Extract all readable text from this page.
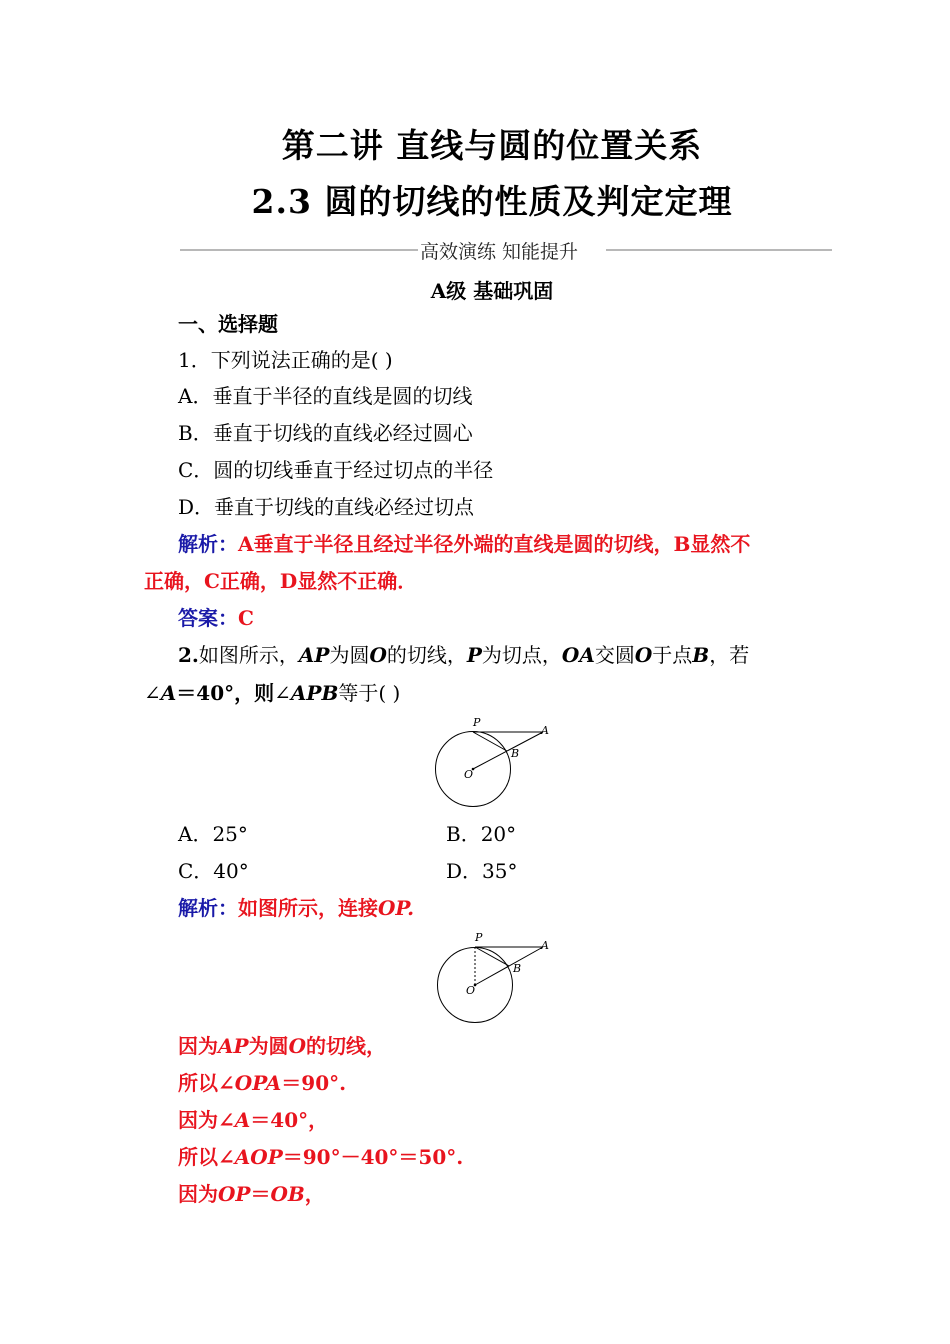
第二讲 直线与圆的位置关系
2.3 圆的切线的性质及判定定理
高效演练 知能提升
A级 基础巩固
一、选择题
1．下列说法正确的是( )
A．垂直于半径的直线是圆的切线
B．垂直于切线的直线必经过圆心
C．圆的切线垂直于经过切点的半径
D．垂直于切线的直线必经过切点
解析：A垂直于半径且经过半径外端的直线是圆的切线，B显然不
正确，C正确，D显然不正确．
答案：C
2.如图所示，AP为圆O的切线，P为切点，OA交圆O于点B，若
∠A＝40°，则∠APB等于( )
P
A
B
O
A．25°	B．20°
C．40°	D．35°
解析：如图所示，连接OP.
P
A
B
O
因为AP为圆O的切线，
所以∠OPA＝90°.
因为∠A＝40°，
所以∠AOP＝90°－40°＝50°.
因为OP＝OB，
